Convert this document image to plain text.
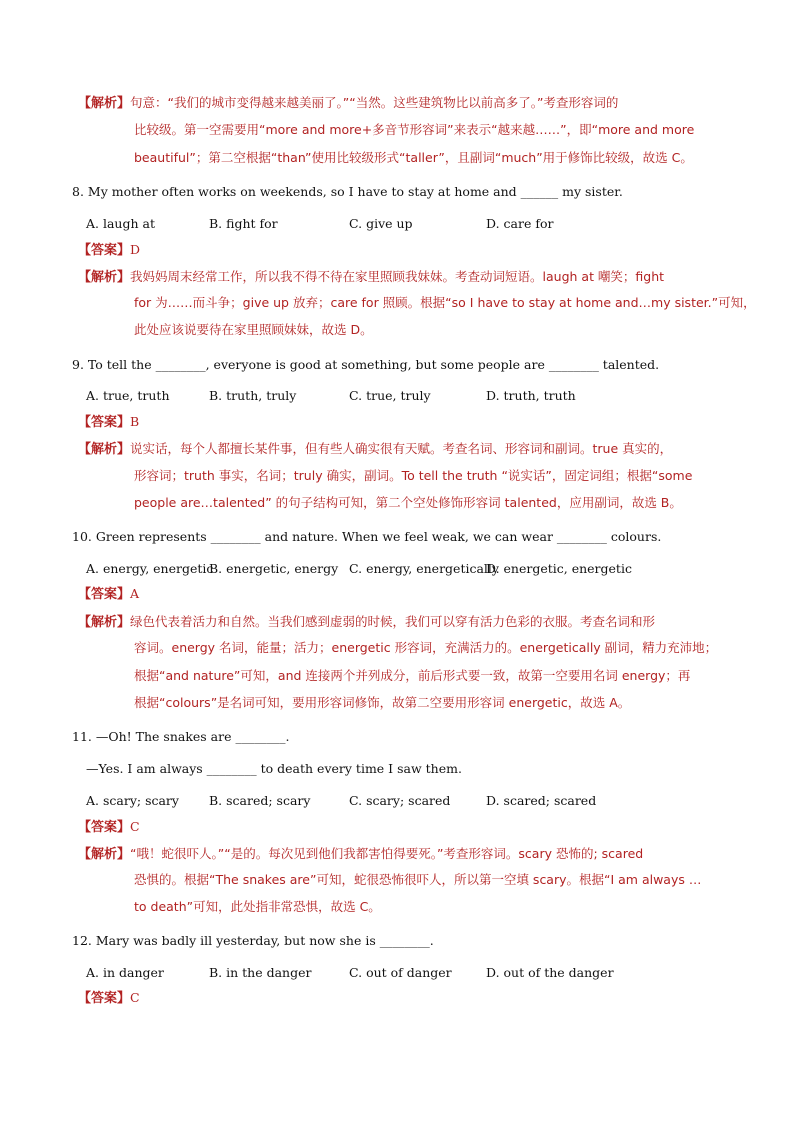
【解析】句意：“我们的城市变得越来越美丽了。”“当然。这些建筑物比以前高多了。”考查形容词的
比较级。第一空需要用“more and more+多音节形容词”来表示“越来越……”，即“more and more
beautiful”；第二空根据“than”使用比较级形式“taller”，且副词“much”用于修饰比较级，故选 C。
8. My mother often works on weekends, so I have to stay at home and ______ my sister.
A. laugh at	B. fight for	C. give up	D. care for
【答案】D
【解析】我妈妈周末经常工作，所以我不得不待在家里照顾我妹妹。考查动词短语。laugh at 嘲笑；fight
for 为……而斗争；give up 放弃；care for 照顾。根据“so I have to stay at home and…my sister.”可知，
此处应该说要待在家里照顾妹妹，故选 D。
9. To tell the ________, everyone is good at something, but some people are ________ talented.
A. true, truth	B. truth, truly	C. true, truly	D. truth, truth
【答案】B
【解析】说实话，每个人都擅长某件事，但有些人确实很有天赋。考查名词、形容词和副词。true 真实的，
形容词；truth 事实，名词；truly 确实，副词。To tell the truth “说实话”，固定词组；根据“some
people are…talented” 的句子结构可知，第二个空处修饰形容词 talented，应用副词，故选 B。
10. Green represents ________ and nature. When we feel weak, we can wear ________ colours.
A. energy, energetic
B. energetic, energy C. energy, energetically
D. energetic, energetic
【答案】A
【解析】绿色代表着活力和自然。当我们感到虚弱的时候，我们可以穿有活力色彩的衣服。考查名词和形
容词。energy 名词，能量；活力；energetic 形容词，充满活力的。energetically 副词，精力充沛地；
根据“and nature”可知，and 连接两个并列成分，前后形式要一致，故第一空要用名词 energy；再
根据“colours”是名词可知，要用形容词修饰，故第二空要用形容词 energetic，故选 A。
11. —Oh! The snakes are ________.
—Yes. I am always ________ to death every time I saw them.
A. scary; scary B. scared; scary	C. scary; scared	D. scared; scared
【答案】C
【解析】“哦！蛇很吓人。”“是的。每次见到他们我都害怕得要死。”考查形容词。scary 恐怖的; scared
恐惧的。根据“The snakes are”可知，蛇很恐怖很吓人，所以第一空填 scary。根据“I am always …
to death”可知，此处指非常恐惧，故选 C。
12. Mary was badly ill yesterday, but now she is ________.
A. in danger	B. in the danger	C. out of danger	D. out of the danger
【答案】C
